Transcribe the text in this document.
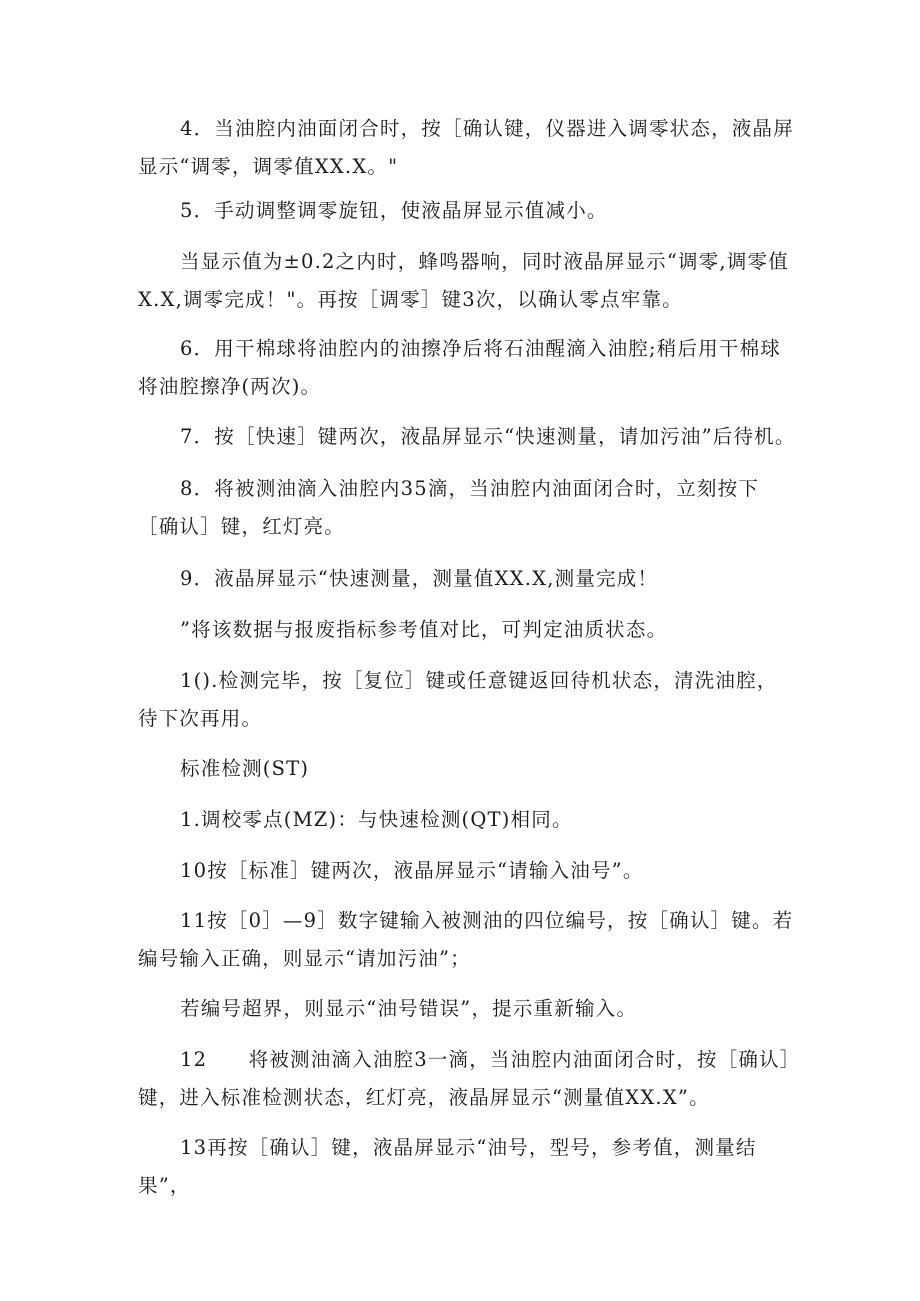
4．当油腔内油面闭合时，按［确认键，仪器进入调零状态，液晶屏显示“调零，调零值XX.X。"

5．手动调整调零旋钮，使液晶屏显示值减小。

当显示值为±0.2之内时，蜂鸣器响，同时液晶屏显示“调零,调零值X.X,调零完成！"。再按［调零］键3次，以确认零点牢靠。

6．用干棉球将油腔内的油擦净后将石油醒滴入油腔;稍后用干棉球将油腔擦净(两次)。

7．按［快速］键两次，液晶屏显示“快速测量，请加污油”后待机。

8．将被测油滴入油腔内35滴，当油腔内油面闭合时，立刻按下［确认］键，红灯亮。

9．液晶屏显示“快速测量，测量值XX.X,测量完成！

”将该数据与报废指标参考值对比，可判定油质状态。

1().检测完毕，按［复位］键或任意键返回待机状态，清洗油腔，待下次再用。

标准检测(ST)

1.调校零点(MZ)：与快速检测(QT)相同。

10按［标准］键两次，液晶屏显示“请输入油号”。

11按［0］—9］数字键输入被测油的四位编号，按［确认］键。若编号输入正确，则显示“请加污油”；

若编号超界，则显示“油号错误”，提示重新输入。

12　　将被测油滴入油腔3一滴，当油腔内油面闭合时，按［确认］键，进入标准检测状态，红灯亮，液晶屏显示“测量值XX.X”。

13再按［确认］键，液晶屏显示“油号，型号，参考值，测量结果”，
